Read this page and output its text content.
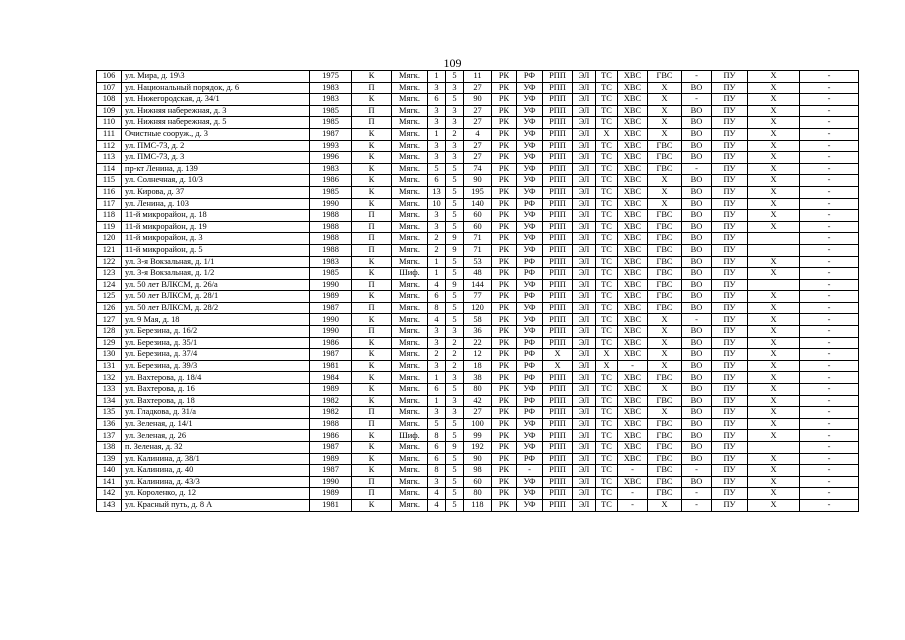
109
106	ул. Мира, д. 19\3	1975	К	Мягк.	1	5	11	РК	РФ	РПП	ЭЛ	ТС	ХВС	ГВС	-	ПУ	Х	-
107	ул. Национальный порядок, д. 6	1983	П	Мягк.	3	3	27	РК	УФ	РПП	ЭЛ	ТС	ХВС	Х	ВО	ПУ	Х	-
108	ул. Нижегородская, д. 34/1	1983	К	Мягк.	6	5	90	РК	УФ	РПП	ЭЛ	ТС	ХВС	Х	-	ПУ	Х	-
109	ул. Нижняя набережная, д. 3	1985	П	Мягк.	3	3	27	РК	УФ	РПП	ЭЛ	ТС	ХВС	Х	ВО	ПУ	Х	-
110	ул. Нижняя набережная, д. 5	1985	П	Мягк.	3	3	27	РК	УФ	РПП	ЭЛ	ТС	ХВС	Х	ВО	ПУ	Х	-
111	Очистные сооруж., д. 3	1987	К	Мягк.	1	2	4	РК	УФ	РПП	ЭЛ	Х	ХВС	Х	ВО	ПУ	Х	-
112	ул. ПМС-73, д. 2	1993	К	Мягк.	3	3	27	РК	УФ	РПП	ЭЛ	ТС	ХВС	ГВС	ВО	ПУ	Х	-
113	ул. ПМС-73, д. 3	1996	К	Мягк.	3	3	27	РК	УФ	РПП	ЭЛ	ТС	ХВС	ГВС	ВО	ПУ	Х	-
114	пр-кт Ленина, д. 139	1983	К	Мягк.	5	5	74	РК	УФ	РПП	ЭЛ	ТС	ХВС	ГВС	-	ПУ	Х	-
115	ул. Солнечная, д. 10/3	1986	К	Мягк.	6	5	90	РК	УФ	РПП	ЭЛ	ТС	ХВС	Х	ВО	ПУ	Х	-
116	ул. Кирова, д. 37	1985	К	Мягк.	13	5	195	РК	УФ	РПП	ЭЛ	ТС	ХВС	Х	ВО	ПУ	Х	-
117	ул. Ленина, д. 103	1990	К	Мягк.	10	5	140	РК	РФ	РПП	ЭЛ	ТС	ХВС	Х	ВО	ПУ	Х	-
118	11-й микрорайон, д. 18	1988	П	Мягк.	3	5	60	РК	УФ	РПП	ЭЛ	ТС	ХВС	ГВС	ВО	ПУ	Х	-
119	11-й микрорайон, д. 19	1988	П	Мягк.	3	5	60	РК	УФ	РПП	ЭЛ	ТС	ХВС	ГВС	ВО	ПУ	Х	-
120	11-й микрорайон, д. 3	1988	П	Мягк.	2	9	71	РК	УФ	РПП	ЭЛ	ТС	ХВС	ГВС	ВО	ПУ		-
121	11-й микрорайон, д. 5	1988	П	Мягк.	2	9	71	РК	УФ	РПП	ЭЛ	ТС	ХВС	ГВС	ВО	ПУ		-
122	ул. 3-я Вокзальная, д. 1/1	1983	К	Мягк.	1	5	53	РК	РФ	РПП	ЭЛ	ТС	ХВС	ГВС	ВО	ПУ	Х	-
123	ул. 3-я Вокзальная, д. 1/2	1985	К	Шиф.	1	5	48	РК	РФ	РПП	ЭЛ	ТС	ХВС	ГВС	ВО	ПУ	Х	-
124	ул. 50 лет ВЛКСМ, д. 26/а	1990	П	Мягк.	4	9	144	РК	УФ	РПП	ЭЛ	ТС	ХВС	ГВС	ВО	ПУ		-
125	ул. 50 лет ВЛКСМ, д. 28/1	1989	К	Мягк.	6	5	77	РК	РФ	РПП	ЭЛ	ТС	ХВС	ГВС	ВО	ПУ	Х	-
126	ул. 50 лет ВЛКСМ, д. 28/2	1987	П	Мягк.	8	5	120	РК	УФ	РПП	ЭЛ	ТС	ХВС	ГВС	ВО	ПУ	Х	-
127	ул. 9 Мая, д. 18	1990	К	Мягк.	4	5	58	РК	УФ	РПП	ЭЛ	ТС	ХВС	Х	-	ПУ	Х	-
128	ул. Березина, д. 16/2	1990	П	Мягк.	3	3	36	РК	УФ	РПП	ЭЛ	ТС	ХВС	Х	ВО	ПУ	Х	-
129	ул. Березина, д. 35/1	1986	К	Мягк.	3	2	22	РК	РФ	РПП	ЭЛ	ТС	ХВС	Х	ВО	ПУ	Х	-
130	ул. Березина, д. 37/4	1987	К	Мягк.	2	2	12	РК	РФ	Х	ЭЛ	Х	ХВС	Х	ВО	ПУ	Х	-
131	ул. Березина, д. 39/3	1981	К	Мягк.	3	2	18	РК	РФ	Х	ЭЛ	Х	-	Х	ВО	ПУ	Х	-
132	ул. Вахтерова, д. 18/4	1984	К	Мягк.	1	3	38	РК	РФ	РПП	ЭЛ	ТС	ХВС	ГВС	ВО	ПУ	Х	-
133	ул. Вахтерова, д. 16	1989	К	Мягк.	6	5	80	РК	УФ	РПП	ЭЛ	ТС	ХВС	Х	ВО	ПУ	Х	-
134	ул. Вахтерова, д. 18	1982	К	Мягк.	1	3	42	РК	РФ	РПП	ЭЛ	ТС	ХВС	ГВС	ВО	ПУ	Х	-
135	ул. Гладкова, д. 31/а	1982	П	Мягк.	3	3	27	РК	РФ	РПП	ЭЛ	ТС	ХВС	Х	ВО	ПУ	Х	-
136	ул. Зеленая, д. 14/1	1988	П	Мягк.	5	5	100	РК	УФ	РПП	ЭЛ	ТС	ХВС	ГВС	ВО	ПУ	Х	-
137	ул. Зеленая, д. 26	1986	К	Шиф.	8	5	99	РК	УФ	РПП	ЭЛ	ТС	ХВС	ГВС	ВО	ПУ	Х	-
138	п. Зеленая, д. 32	1987	К	Мягк.	6	9	192	РК	УФ	РПП	ЭЛ	ТС	ХВС	ГВС	ВО	ПУ		-
139	ул. Калинина, д. 38/1	1989	К	Мягк.	6	5	90	РК	РФ	РПП	ЭЛ	ТС	ХВС	ГВС	ВО	ПУ	Х	-
140	ул. Калинина, д. 40	1987	К	Мягк.	8	5	98	РК	-	РПП	ЭЛ	ТС	-	ГВС	-	ПУ	Х	-
141	ул. Калинина, д. 43/3	1990	П	Мягк.	3	5	60	РК	УФ	РПП	ЭЛ	ТС	ХВС	ГВС	ВО	ПУ	Х	-
142	ул. Короленко, д. 12	1989	П	Мягк.	4	5	80	РК	УФ	РПП	ЭЛ	ТС	-	ГВС	-	ПУ	Х	-
143	ул. Красный путь, д. 8 А	1981	К	Мягк.	4	5	118	РК	УФ	РПП	ЭЛ	ТС	-	Х	-	ПУ	Х	-
